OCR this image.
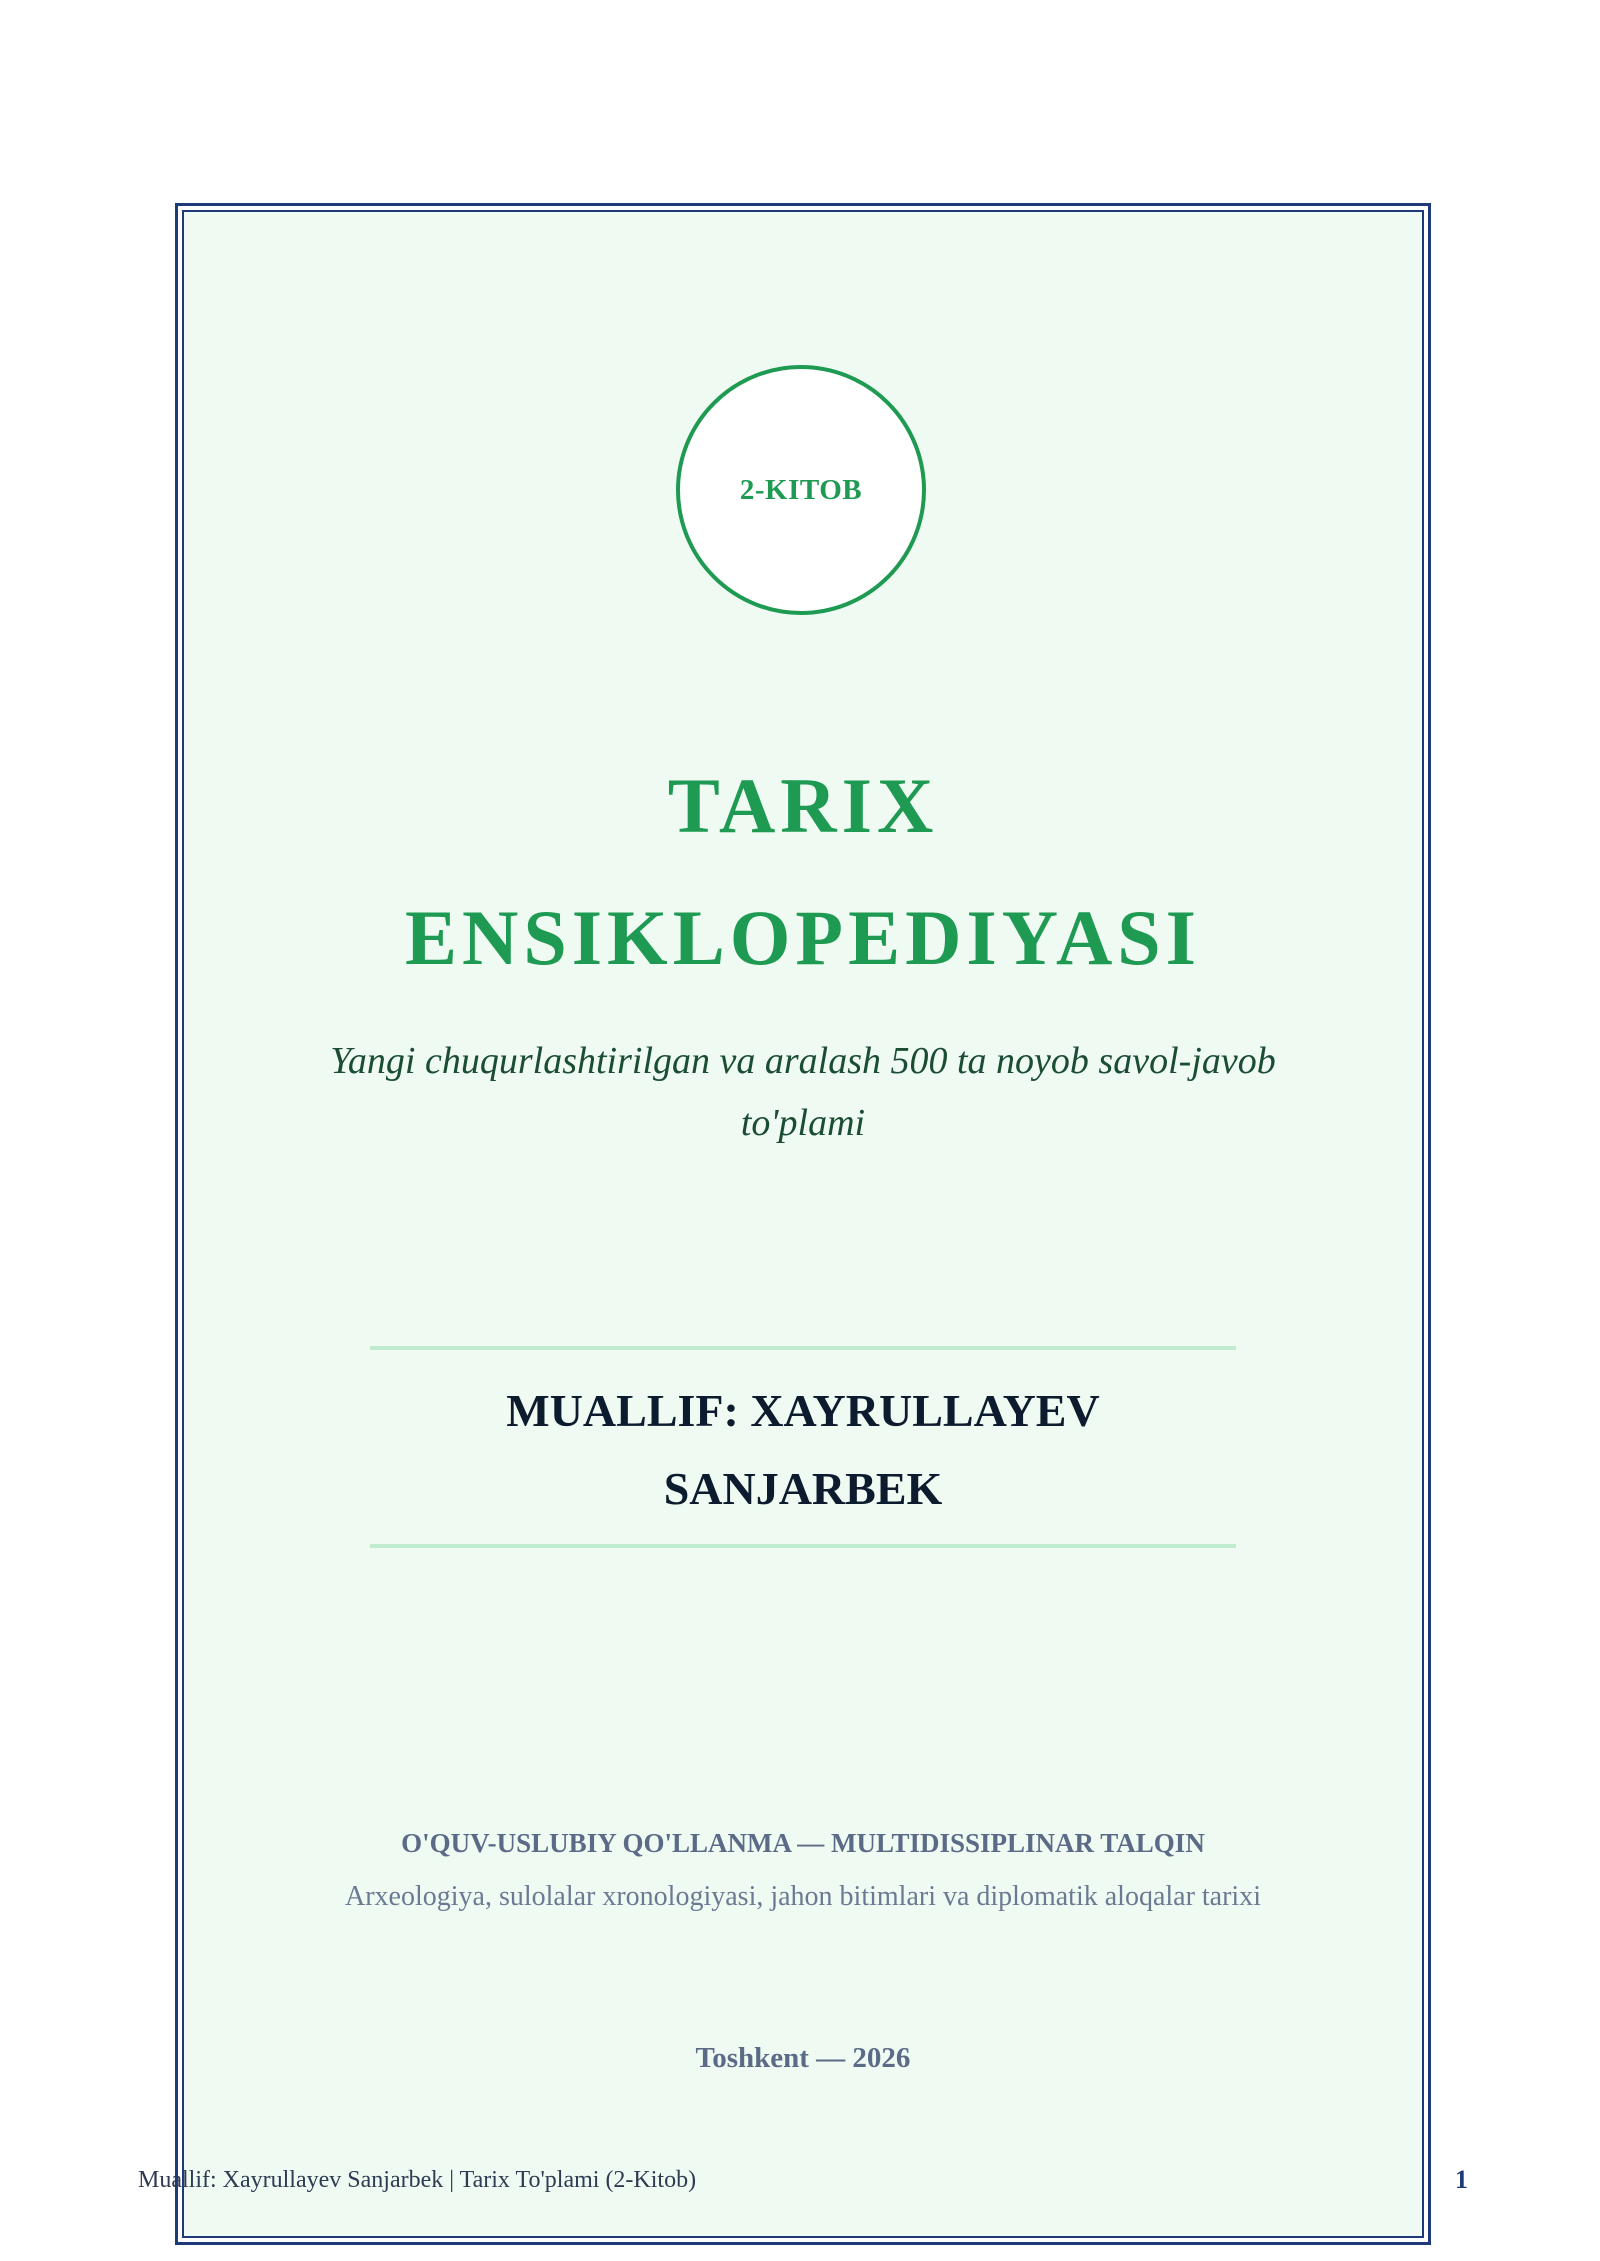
2-KITOB
TARIX
ENSIKLOPEDIYASI

Yangi chuqurlashtirilgan va aralash 500 ta noyob savol-javob
to'plami

MUALLIF: XAYRULLAYEV
SANJARBEK

O'QUV-USLUBIY QO'LLANMA — MULTIDISSIPLINAR TALQIN
Arxeologiya, sulolalar xronologiyasi, jahon bitimlari va diplomatik aloqalar tarixi
Toshkent — 2026
Muallif: Xayrullayev Sanjarbek | Tarix To'plami (2-Kitob)	1
